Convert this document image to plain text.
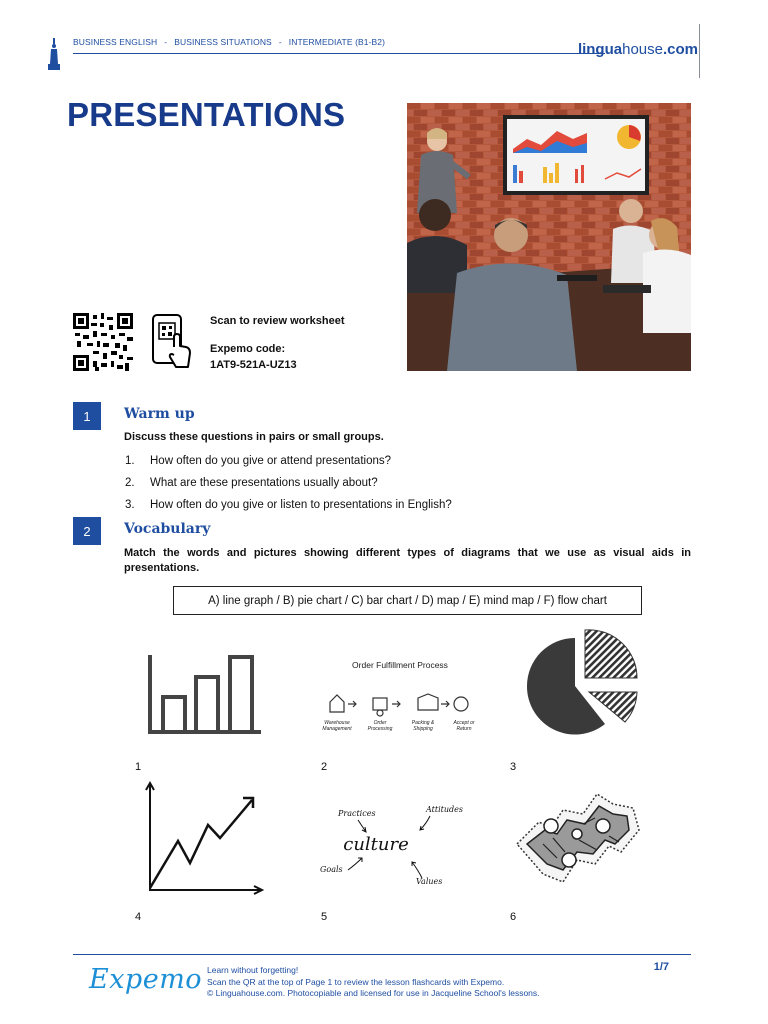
BUSINESS ENGLISH - BUSINESS SITUATIONS - INTERMEDIATE (B1-B2)	linguahouse.com
PRESENTATIONS
Scan to review worksheet
Expemo code:
1AT9-521A-UZ13
1	Warm up
Discuss these questions in pairs or small groups.
1.	How often do you give or attend presentations?
2.	What are these presentations usually about?
3.	How often do you give or listen to presentations in English?
2	Vocabulary
Match the words and pictures showing different types of diagrams that we use as visual aids in presentations.
A) line graph / B) pie chart / C) bar chart / D) map / E) mind map / F) flow chart
Order Fulfillment Process
Warehouse
Management
Order
Processing
Packing &
Shipping
Accept or
Return
1	2	3
culture
Practices	Attitudes
Goals
Values
4	5	6
Expemo Learn without forgetting!
Scan the QR at the top of Page 1 to review the lesson flashcards with Expemo.
© Linguahouse.com. Photocopiable and licensed for use in Jacqueline School's lessons.
1/7
